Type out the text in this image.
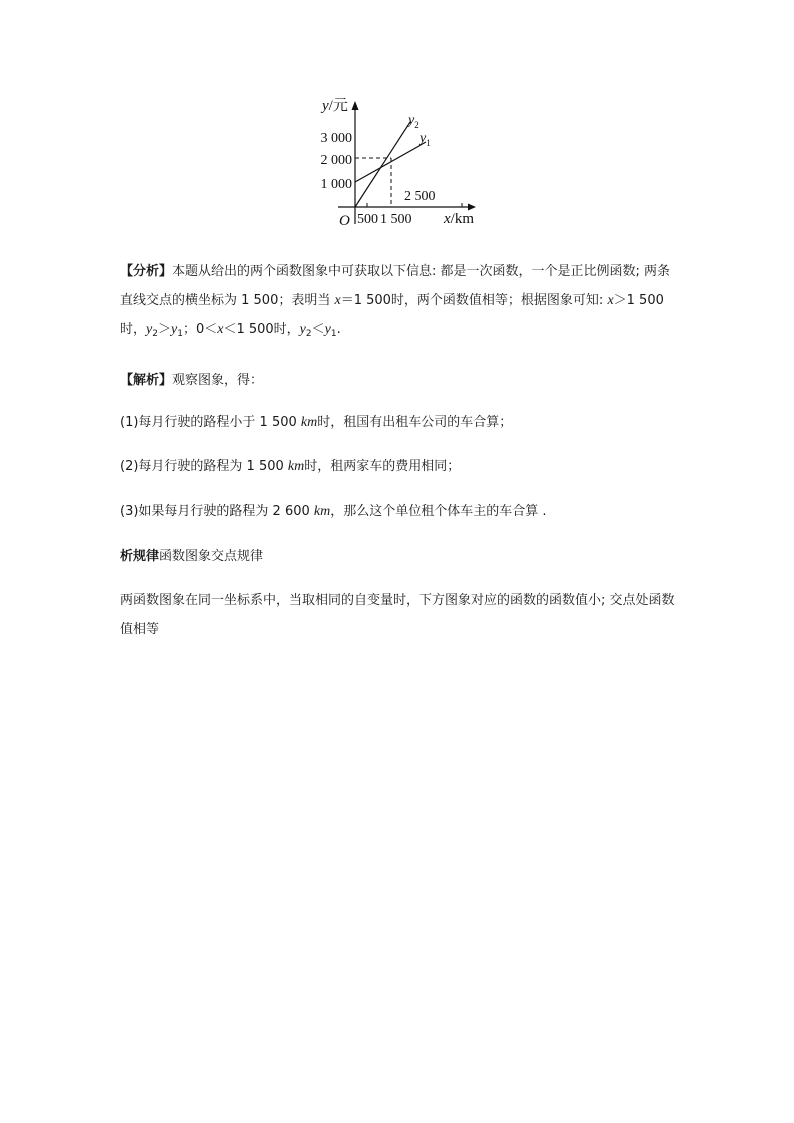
y/元
3 000
2 000
1 000
O 500 1 500
2 500
x/km
$y_2$
$y_1$

【分析】本题从给出的两个函数图象中可获取以下信息: 都是一次函数，一个是正比例函数; 两条直线交点的横坐标为 1 500；表明当 x＝1 500时，两个函数值相等；根据图象可知: x＞1 500时，$y_2>y_1$；0＜x＜1 500时，$y_2<y_1$.

【解析】观察图象，得：

(1)每月行驶的路程小于 1 500 km时，租国有出租车公司的车合算；

(2)每月行驶的路程为 1 500 km时，租两家车的费用相同；

(3)如果每月行驶的路程为 2 600 km，那么这个单位租个体车主的车合算 .

析规律函数图象交点规律

两函数图象在同一坐标系中，当取相同的自变量时，下方图象对应的函数的函数值小; 交点处函数值相等
